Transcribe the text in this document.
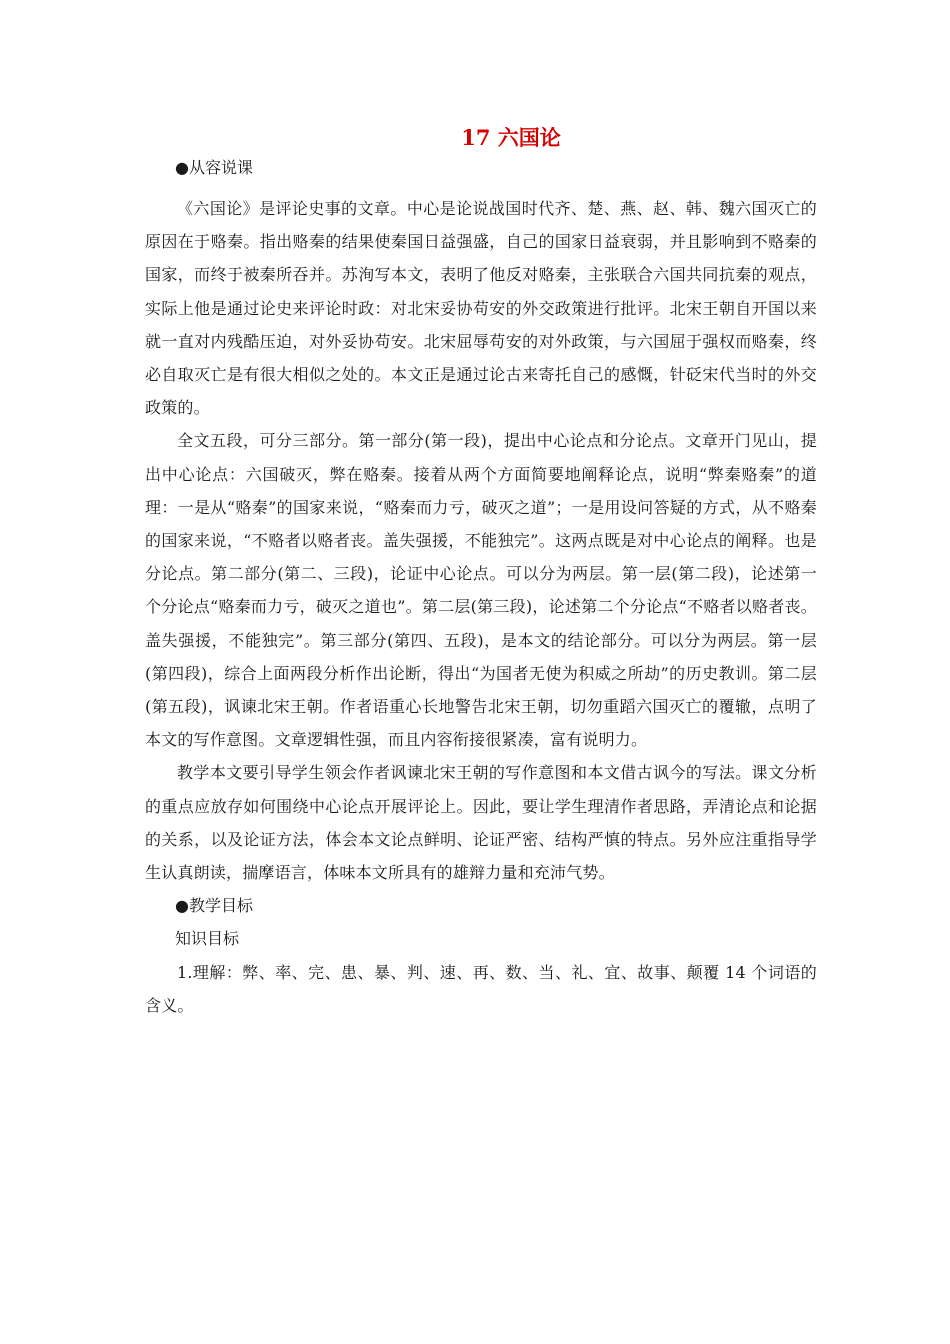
17 六国论
●从容说课

《六国论》是评论史事的文章。中心是论说战国时代齐、楚、燕、赵、韩、魏六国灭亡的原因在于赂秦。指出赂秦的结果使秦国日益强盛，自己的国家日益衰弱，并且影响到不赂秦的国家，而终于被秦所吞并。苏洵写本文，表明了他反对赂秦，主张联合六国共同抗秦的观点，实际上他是通过论史来评论时政：对北宋妥协苟安的外交政策进行批评。北宋王朝自开国以来就一直对内残酷压迫，对外妥协苟安。北宋屈辱苟安的对外政策，与六国屈于强权而赂秦，终必自取灭亡是有很大相似之处的。本文正是通过论古来寄托自己的感慨，针砭宋代当时的外交政策的。

全文五段，可分三部分。第一部分(第一段)，提出中心论点和分论点。文章开门见山，提出中心论点：六国破灭，弊在赂秦。接着从两个方面简要地阐释论点，说明“弊秦赂秦”的道理：一是从“赂秦”的国家来说，“赂秦而力亏，破灭之道”；一是用设问答疑的方式，从不赂秦的国家来说，“不赂者以赂者丧。盖失强援，不能独完”。这两点既是对中心论点的阐释。也是分论点。第二部分(第二、三段)，论证中心论点。可以分为两层。第一层(第二段)，论述第一个分论点“赂秦而力亏，破灭之道也”。第二层(第三段)，论述第二个分论点“不赂者以赂者丧。盖失强援，不能独完”。第三部分(第四、五段)，是本文的结论部分。可以分为两层。第一层(第四段)，综合上面两段分析作出论断，得出“为国者无使为积威之所劫”的历史教训。第二层(第五段)，讽谏北宋王朝。作者语重心长地警告北宋王朝，切勿重蹈六国灭亡的覆辙，点明了本文的写作意图。文章逻辑性强，而且内容衔接很紧凑，富有说明力。

教学本文要引导学生领会作者讽谏北宋王朝的写作意图和本文借古讽今的写法。课文分析的重点应放存如何围绕中心论点开展评论上。因此，要让学生理清作者思路，弄清论点和论据的关系，以及论证方法，体会本文论点鲜明、论证严密、结构严慎的特点。另外应注重指导学生认真朗读，揣摩语言，体味本文所具有的雄辩力量和充沛气势。

●教学目标
知识目标

1.理解：弊、率、完、患、暴、判、速、再、数、当、礼、宜、故事、颠覆 14 个词语的含义。
